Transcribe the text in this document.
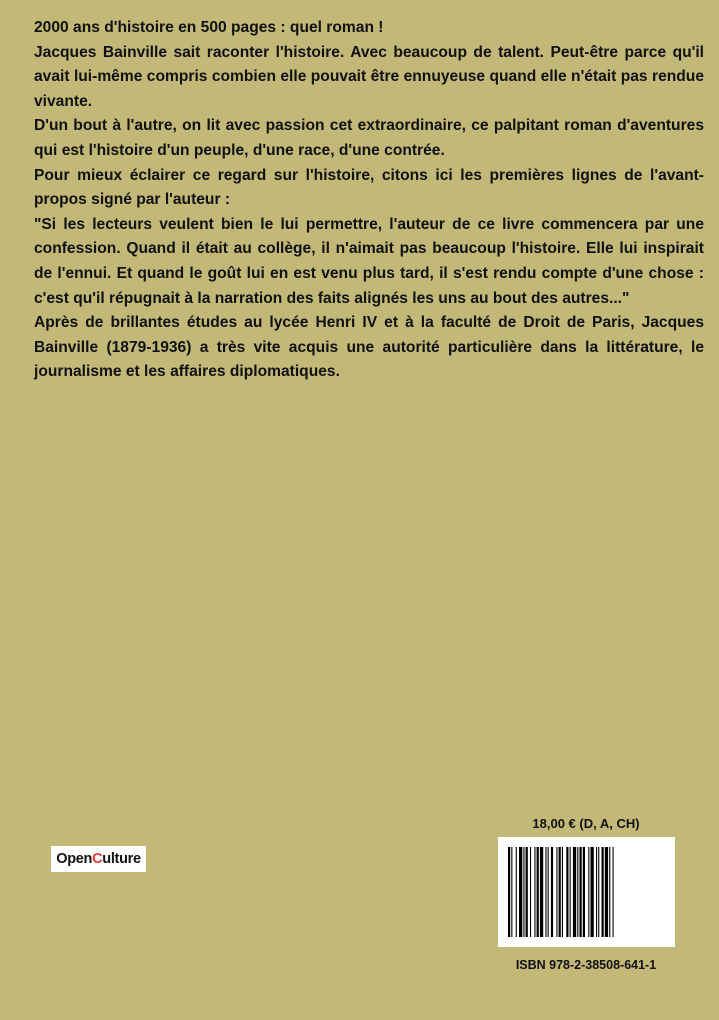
2000 ans d'histoire en 500 pages : quel roman !

Jacques Bainville sait raconter l'histoire. Avec beaucoup de talent. Peut-être parce qu'il avait lui-même compris combien elle pouvait être ennuyeuse quand elle n'était pas rendue vivante.

D'un bout à l'autre, on lit avec passion cet extraordinaire, ce palpitant roman d'aventures qui est l'histoire d'un peuple, d'une race, d'une contrée.

Pour mieux éclairer ce regard sur l'histoire, citons ici les premières lignes de l'avant-propos signé par l'auteur :

"Si les lecteurs veulent bien le lui permettre, l'auteur de ce livre commencera par une confession. Quand il était au collège, il n'aimait pas beaucoup l'histoire. Elle lui inspirait de l'ennui. Et quand le goût lui en est venu plus tard, il s'est rendu compte d'une chose : c'est qu'il répugnait à la narration des faits alignés les uns au bout des autres..."

Après de brillantes études au lycée Henri IV et à la faculté de Droit de Paris, Jacques Bainville (1879-1936) a très vite acquis une autorité particulière dans la littérature, le journalisme et les affaires diplomatiques.

Open C ulture
18,00 € (D, A, CH)
ISBN 978-2-38508-641-1
